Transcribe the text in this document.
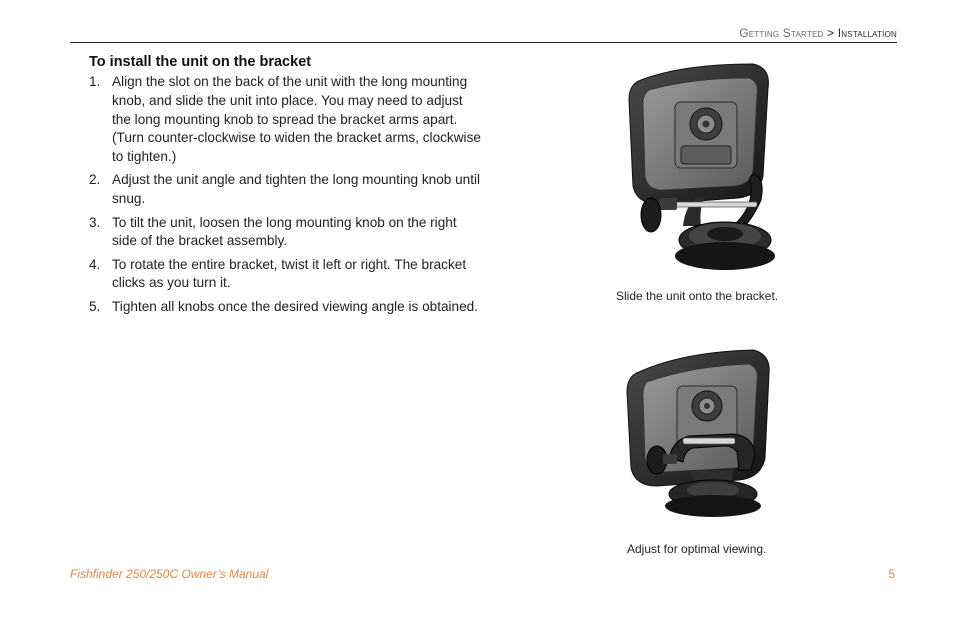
Getting Started > Installation
To install the unit on the bracket
1. Align the slot on the back of the unit with the long mounting knob, and slide the unit into place. You may need to adjust the long mounting knob to spread the bracket arms apart. (Turn counter-clockwise to widen the bracket arms, clockwise to tighten.)
2. Adjust the unit angle and tighten the long mounting knob until snug.
3. To tilt the unit, loosen the long mounting knob on the right side of the bracket assembly.
4. To rotate the entire bracket, twist it left or right. The bracket clicks as you turn it.
5. Tighten all knobs once the desired viewing angle is obtained.
Slide the unit onto the bracket.
Adjust for optimal viewing.
Fishfinder 250/250C Owner’s Manual	5
